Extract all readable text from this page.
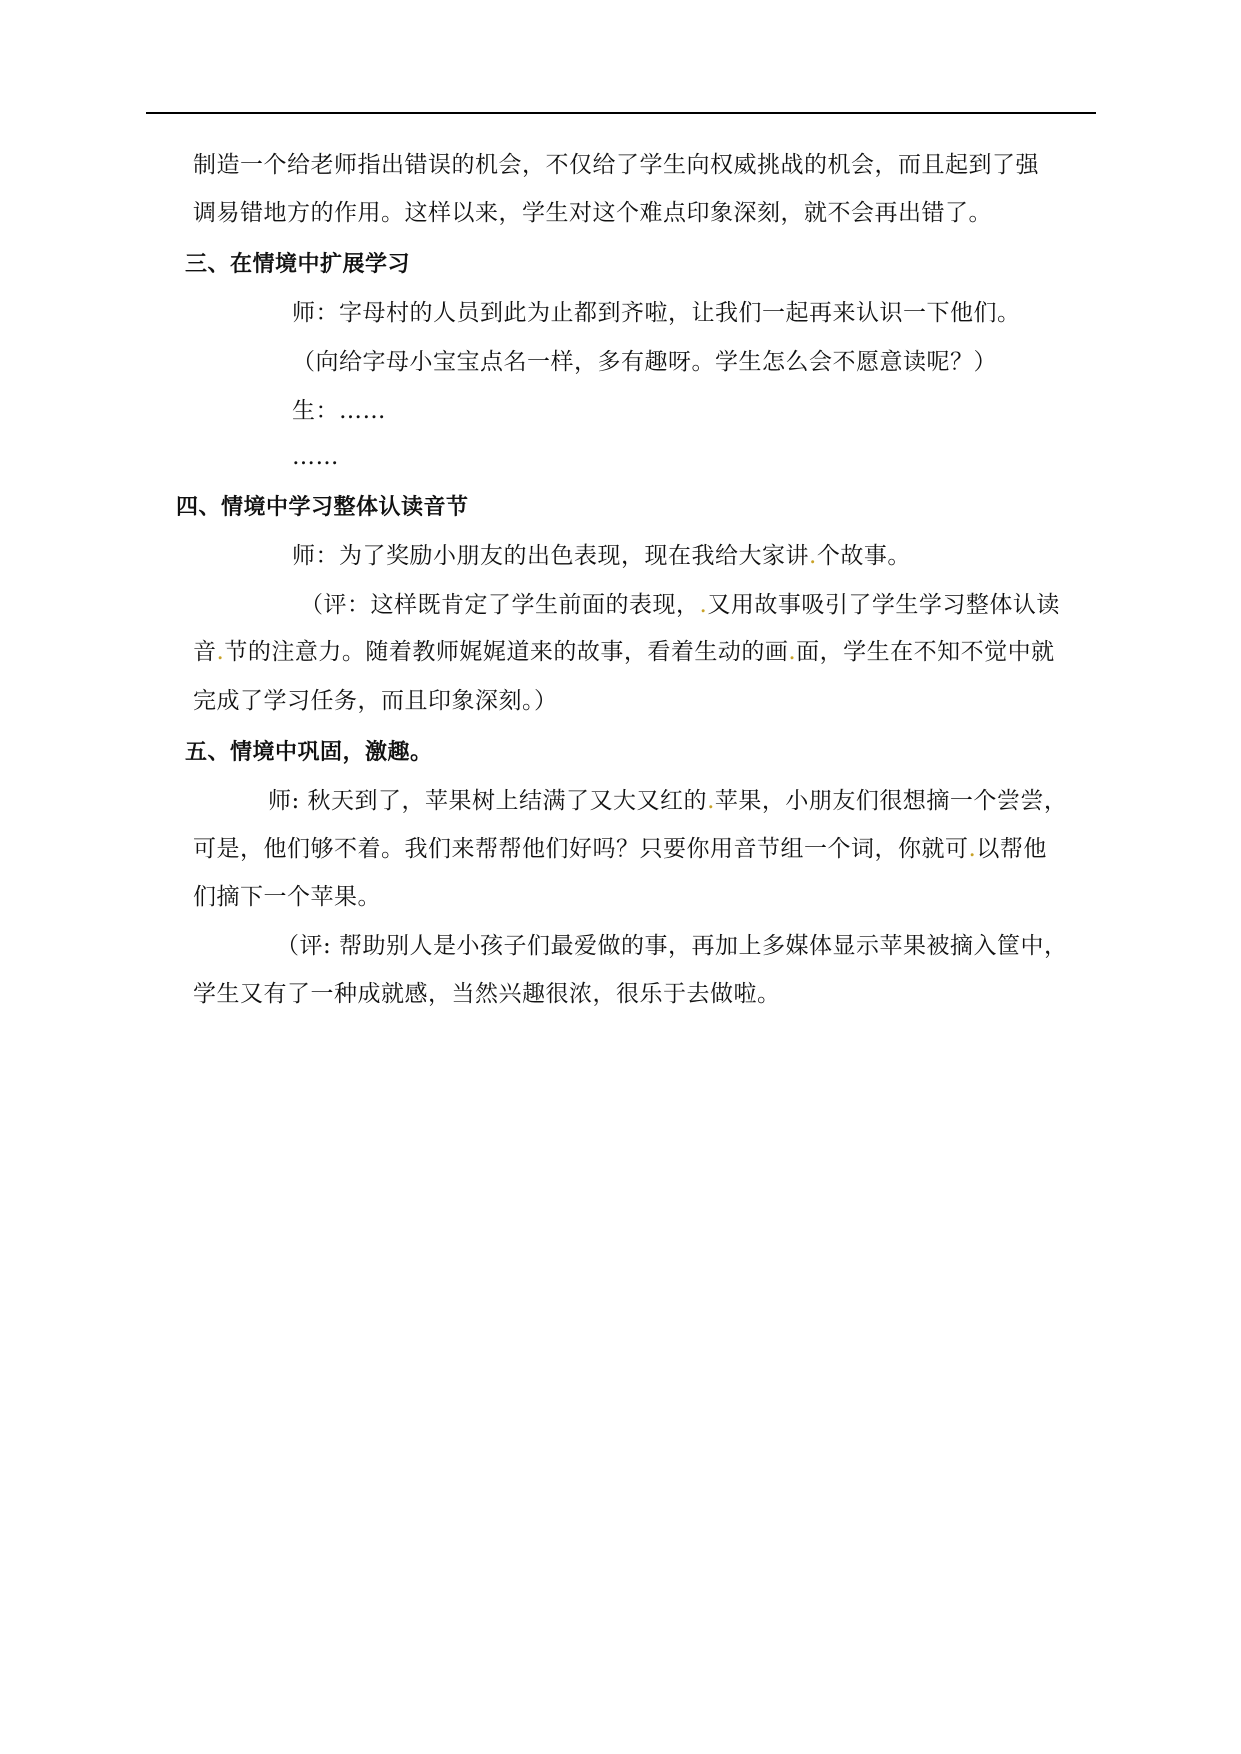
制造一个给老师指出错误的机会，不仅给了学生向权威挑战的机会，而且起到了强
调易错地方的作用。这样以来，学生对这个难点印象深刻，就不会再出错了。
三、在情境中扩展学习
师：字母村的人员到此为止都到齐啦，让我们一起再来认识一下他们。
（向给字母小宝宝点名一样，多有趣呀。学生怎么会不愿意读呢？）
生：……
……
四、情境中学习整体认读音节
师：为了奖励小朋友的出色表现，现在我给大家讲.个故事。
（评：这样既肯定了学生前面的表现，.又用故事吸引了学生学习整体认读
音.节的注意力。随着教师娓娓道来的故事，看着生动的画.面，学生在不知不觉中就
完成了学习任务，而且印象深刻。）
五、情境中巩固，激趣。
师: 秋天到了，苹果树上结满了又大又红的.苹果，小朋友们很想摘一个尝尝，
可是，他们够不着。我们来帮帮他们好吗？只要你用音节组一个词，你就可.以帮他
们摘下一个苹果。
（评: 帮助别人是小孩子们最爱做的事，再加上多媒体显示苹果被摘入筐中，
学生又有了一种成就感，当然兴趣很浓，很乐于去做啦。
